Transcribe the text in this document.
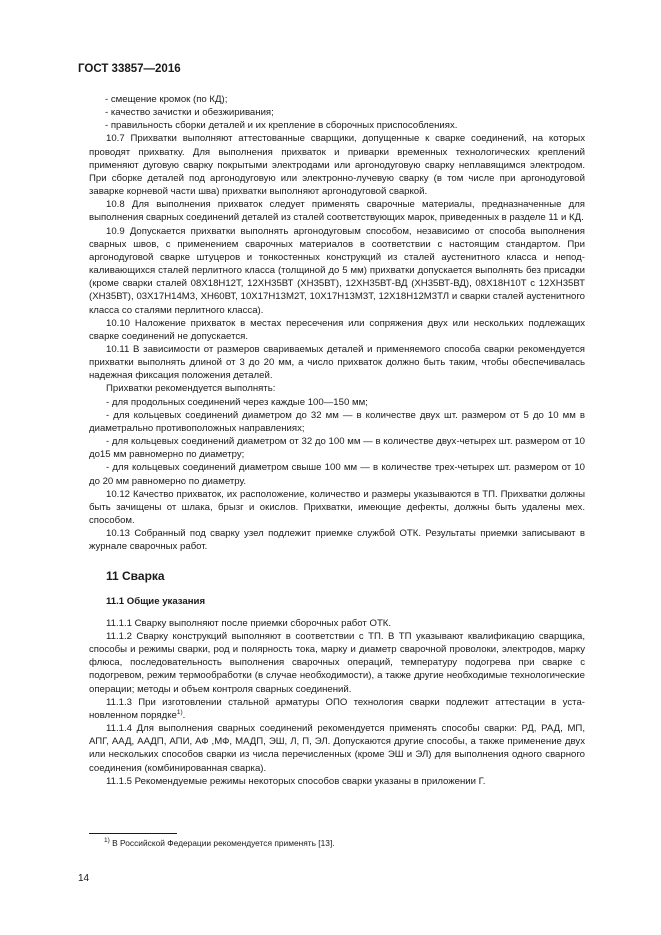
ГОСТ 33857—2016

- смещение кромок (по КД);

- качество зачистки и обезжиривания;

- правильность сборки деталей и их крепление в сборочных приспособлениях.

10.7 Прихватки выполняют аттестованные сварщики, допущенные к сварке соединений, на которых проводят прихватку. Для выполнения прихваток и приварки временных технологических креплений применяют дуговую сварку покрытыми электродами или аргонодуговую сварку неплавящимся электродом. При сборке деталей под аргонодуговую или электронно-лучевую сварку (в том числе при аргонодуговой заварке корневой части шва) прихватки выполняют аргонодуговой сваркой.

10.8 Для выполнения прихваток следует применять сварочные материалы, предназначенные для выполнения сварных соединений деталей из сталей соответствующих марок, приведенных в разделе 11 и КД.

10.9 Допускается прихватки выполнять аргонодуговым способом, независимо от способа выполнения сварных швов, с применением сварочных материалов в соответствии с настоящим стандартом. При аргонодуговой сварке штуцеров и тонкостенных конструкций из сталей аустенитного класса и неподкаливающихся сталей перлитного класса (толщиной до 5 мм) прихватки допускается выполнять без присадки (кроме сварки сталей 08Х18Н12Т, 12ХН35ВТ (ХН35ВТ), 12ХН35ВТ-ВД (ХН35ВТ-ВД), 08Х18Н10Т с 12ХН35ВТ (ХН35ВТ), 03Х17Н14М3, ХН60ВТ, 10Х17Н13М2Т, 10Х17Н13М3Т, 12Х18Н12М3ТЛ и сварки сталей аустенитного класса со сталями перлитного класса).

10.10 Наложение прихваток в местах пересечения или сопряжения двух или нескольких подлежащих сварке соединений не допускается.

10.11 В зависимости от размеров свариваемых деталей и применяемого способа сварки рекомендуется прихватки выполнять длиной от 3 до 20 мм, а число прихваток должно быть таким, чтобы обеспечивалась надежная фиксация положения деталей.

Прихватки рекомендуется выполнять:

- для продольных соединений через каждые 100—150 мм;

- для кольцевых соединений диаметром до 32 мм — в количестве двух шт. размером от 5 до 10 мм в диаметрально противоположных направлениях;

- для кольцевых соединений диаметром от 32 до 100 мм — в количестве двух-четырех шт. размером от 10 до15 мм равномерно по диаметру;

- для кольцевых соединений диаметром свыше 100 мм — в количестве трех-четырех шт. размером от 10 до 20 мм равномерно по диаметру.

10.12 Качество прихваток, их расположение, количество и размеры указываются в ТП. Прихватки должны быть зачищены от шлака, брызг и окислов. Прихватки, имеющие дефекты, должны быть удалены мех. способом.

10.13 Собранный под сварку узел подлежит приемке службой ОТК. Результаты приемки записывают в журнале сварочных работ.

11 Сварка

11.1 Общие указания

11.1.1 Сварку выполняют после приемки сборочных работ ОТК.

11.1.2 Сварку конструкций выполняют в соответствии с ТП. В ТП указывают квалификацию сварщика, способы и режимы сварки, род и полярность тока, марку и диаметр сварочной проволоки, электродов, марку флюса, последовательность выполнения сварочных операций, температуру подогрева при сварке с подогревом, режим термообработки (в случае необходимости), а также другие необходимые технологические операции; методы и объем контроля сварных соединений.

11.1.3 При изготовлении стальной арматуры ОПО технология сварки подлежит аттестации в установленном порядке$^{1)}$.

11.1.4 Для выполнения сварных соединений рекомендуется применять способы сварки: РД, РАД, МП, АПГ, ААД, ААДП, АПИ, АФ ,МФ, МАДП, ЭШ, Л, П, ЭЛ. Допускаются другие способы, а также применение двух или нескольких способов сварки из числа перечисленных (кроме ЭШ и ЭЛ) для выполнения одного сварного соединения (комбинированная сварка).

11.1.5 Рекомендуемые режимы некоторых способов сварки указаны в приложении Г.

$^{1)}$ В Российской Федерации рекомендуется применять [13].
14
